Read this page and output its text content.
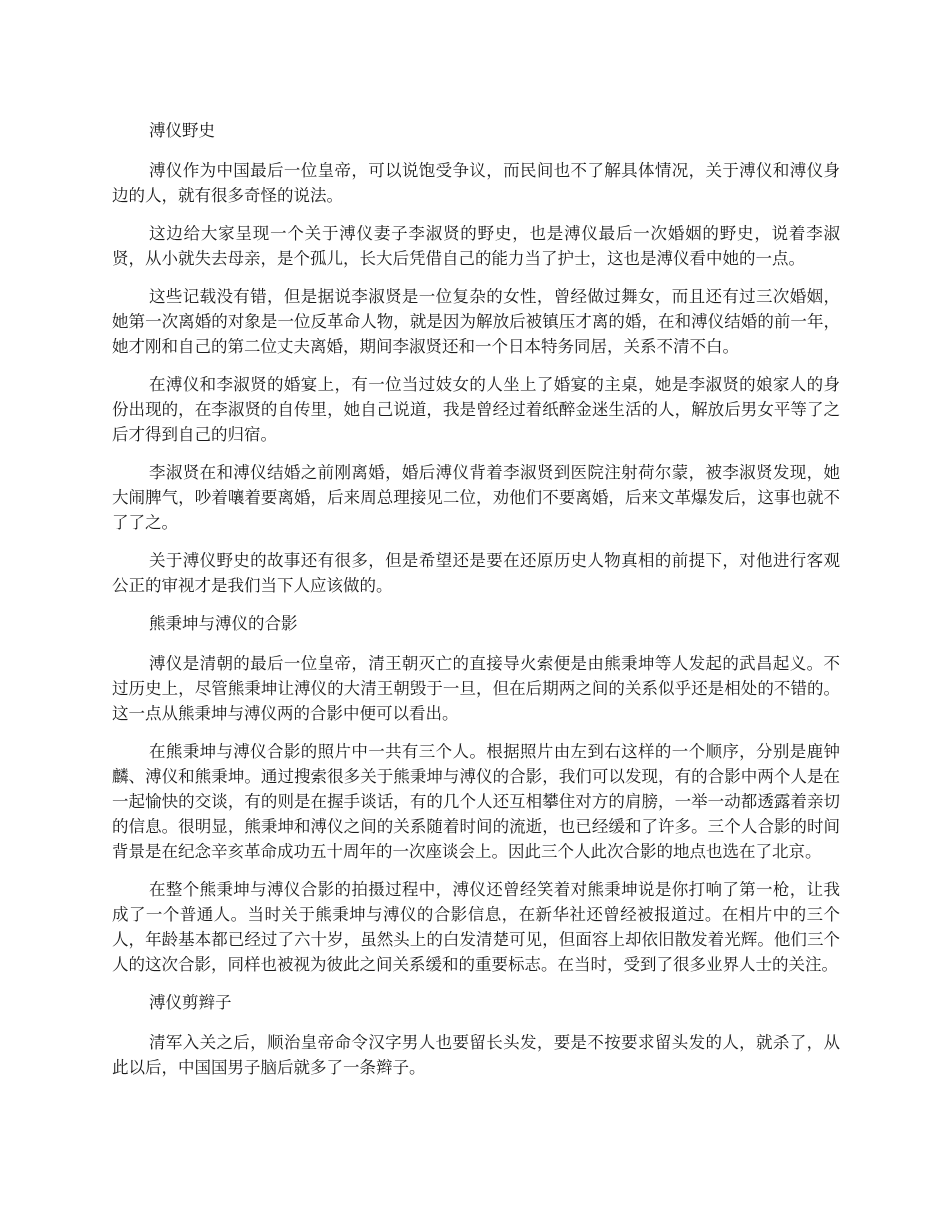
溥仪野史

溥仪作为中国最后一位皇帝，可以说饱受争议，而民间也不了解具体情况，关于溥仪和溥仪身边的人，就有很多奇怪的说法。

这边给大家呈现一个关于溥仪妻子李淑贤的野史，也是溥仪最后一次婚姻的野史，说着李淑贤，从小就失去母亲，是个孤儿，长大后凭借自己的能力当了护士，这也是溥仪看中她的一点。

这些记载没有错，但是据说李淑贤是一位复杂的女性，曾经做过舞女，而且还有过三次婚姻，她第一次离婚的对象是一位反革命人物，就是因为解放后被镇压才离的婚，在和溥仪结婚的前一年，她才刚和自己的第二位丈夫离婚，期间李淑贤还和一个日本特务同居，关系不清不白。

在溥仪和李淑贤的婚宴上，有一位当过妓女的人坐上了婚宴的主桌，她是李淑贤的娘家人的身份出现的，在李淑贤的自传里，她自己说道，我是曾经过着纸醉金迷生活的人，解放后男女平等了之后才得到自己的归宿。

李淑贤在和溥仪结婚之前刚离婚，婚后溥仪背着李淑贤到医院注射荷尔蒙，被李淑贤发现，她大闹脾气，吵着嚷着要离婚，后来周总理接见二位，劝他们不要离婚，后来文革爆发后，这事也就不了了之。

关于溥仪野史的故事还有很多，但是希望还是要在还原历史人物真相的前提下，对他进行客观公正的审视才是我们当下人应该做的。

熊秉坤与溥仪的合影

溥仪是清朝的最后一位皇帝，清王朝灭亡的直接导火索便是由熊秉坤等人发起的武昌起义。不过历史上，尽管熊秉坤让溥仪的大清王朝毁于一旦，但在后期两之间的关系似乎还是相处的不错的。这一点从熊秉坤与溥仪两的合影中便可以看出。

在熊秉坤与溥仪合影的照片中一共有三个人。根据照片由左到右这样的一个顺序，分别是鹿钟麟、溥仪和熊秉坤。通过搜索很多关于熊秉坤与溥仪的合影，我们可以发现，有的合影中两个人是在一起愉快的交谈，有的则是在握手谈话，有的几个人还互相攀住对方的肩膀，一举一动都透露着亲切的信息。很明显，熊秉坤和溥仪之间的关系随着时间的流逝，也已经缓和了许多。三个人合影的时间背景是在纪念辛亥革命成功五十周年的一次座谈会上。因此三个人此次合影的地点也选在了北京。

在整个熊秉坤与溥仪合影的拍摄过程中，溥仪还曾经笑着对熊秉坤说是你打响了第一枪，让我成了一个普通人。当时关于熊秉坤与溥仪的合影信息，在新华社还曾经被报道过。在相片中的三个人，年龄基本都已经过了六十岁，虽然头上的白发清楚可见，但面容上却依旧散发着光辉。他们三个人的这次合影，同样也被视为彼此之间关系缓和的重要标志。在当时，受到了很多业界人士的关注。

溥仪剪辫子

清军入关之后，顺治皇帝命令汉字男人也要留长头发，要是不按要求留头发的人，就杀了，从此以后，中国国男子脑后就多了一条辫子。
